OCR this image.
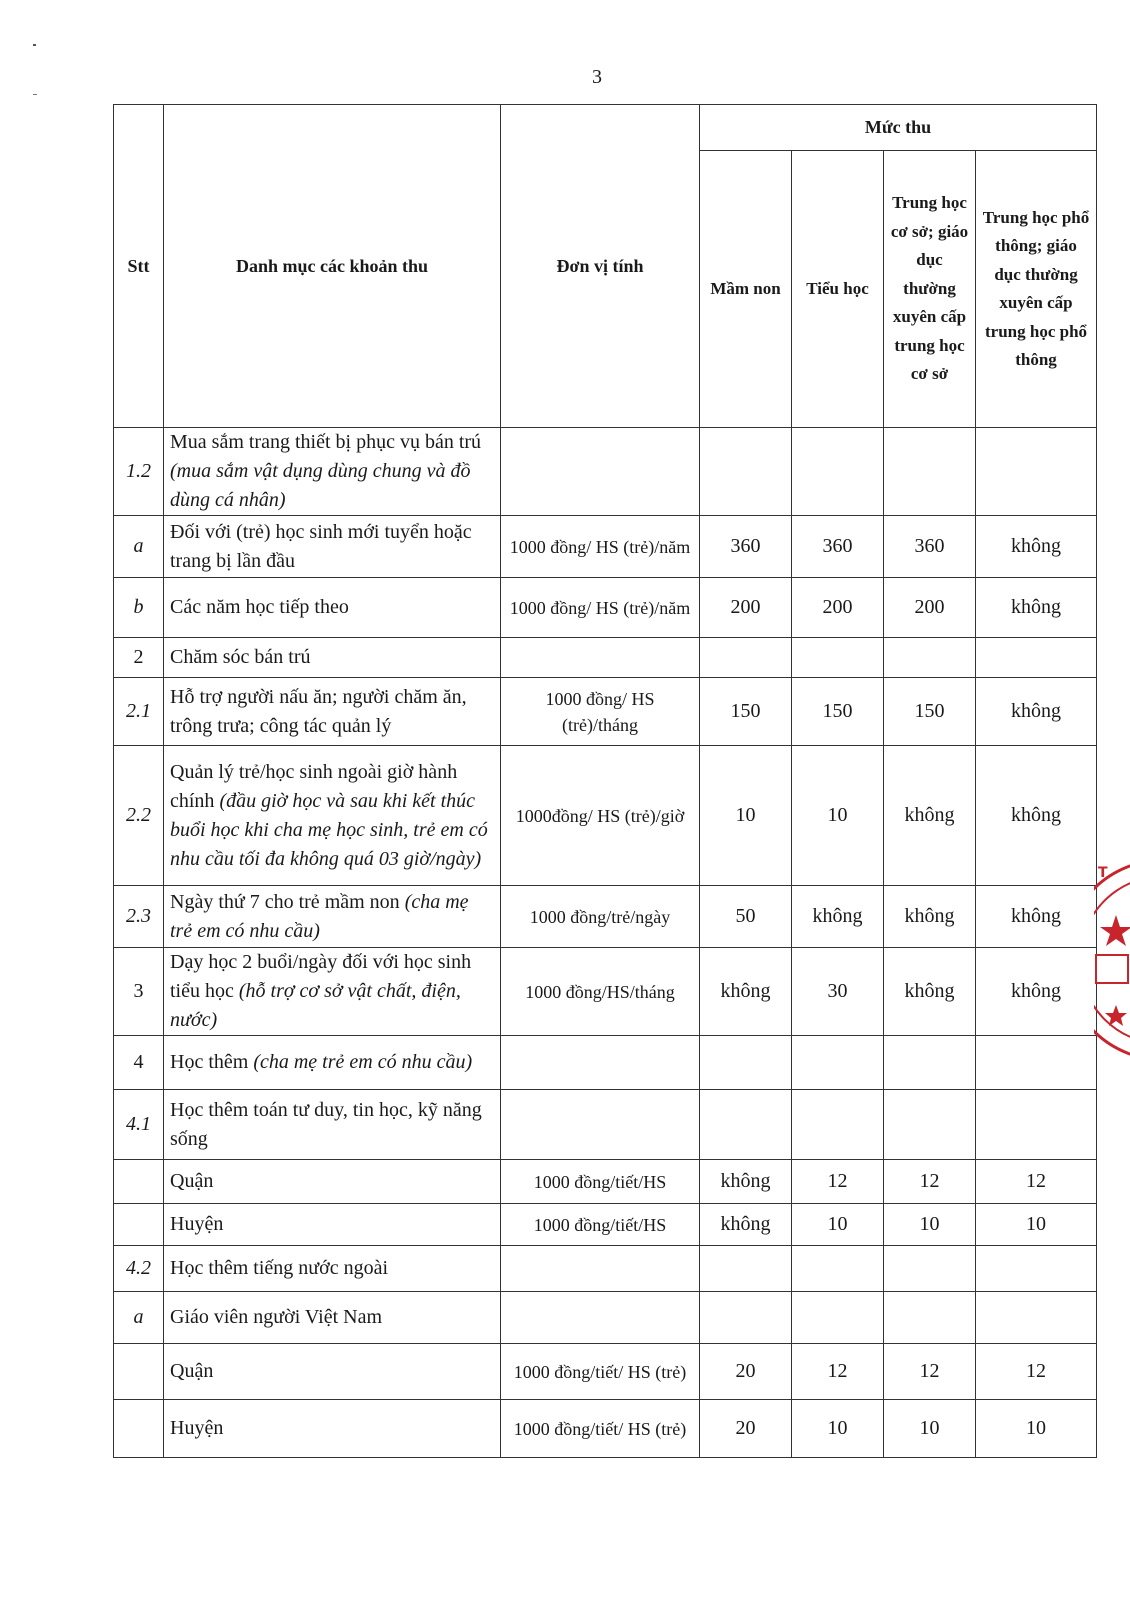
3
Stt	Danh mục các khoản thu	Đơn vị tính	Mức thu			
			Mầm non	Tiểu học	Trung học cơ sở; giáo dục thường xuyên cấp trung học cơ sở	Trung học phổ thông; giáo dục thường xuyên cấp trung học phổ thông
1.2	Mua sắm trang thiết bị phục vụ bán trú (mua sắm vật dụng dùng chung và đồ dùng cá nhân)					
a	Đối với (trẻ) học sinh mới tuyển hoặc trang bị lần đầu	1000 đồng/ HS (trẻ)/năm	360	360	360	không
b	Các năm học tiếp theo	1000 đồng/ HS (trẻ)/năm	200	200	200	không
2	Chăm sóc bán trú					
2.1	Hỗ trợ người nấu ăn; người chăm ăn, trông trưa; công tác quản lý	1000 đồng/ HS (trẻ)/tháng	150	150	150	không
2.2	Quản lý trẻ/học sinh ngoài giờ hành chính (đầu giờ học và sau khi kết thúc buổi học khi cha mẹ học sinh, trẻ em có nhu cầu tối đa không quá 03 giờ/ngày)	1000đồng/ HS (trẻ)/giờ	10	10	không	không
2.3	Ngày thứ 7 cho trẻ mầm non (cha mẹ trẻ em có nhu cầu)	1000 đồng/trẻ/ngày	50	không	không	không
3	Dạy học 2 buổi/ngày đối với học sinh tiểu học (hỗ trợ cơ sở vật chất, điện, nước)	1000 đồng/HS/tháng	không	30	không	không
4	Học thêm (cha mẹ trẻ em có nhu cầu)					
4.1	Học thêm toán tư duy, tin học, kỹ năng sống					
	Quận	1000 đồng/tiết/HS	không	12	12	12
	Huyện	1000 đồng/tiết/HS	không	10	10	10
4.2	Học thêm tiếng nước ngoài					
a	Giáo viên người Việt Nam					
	Quận	1000 đồng/tiết/ HS (trẻ)	20	12	12	12
	Huyện	1000 đồng/tiết/ HS (trẻ)	20	10	10	10
T
